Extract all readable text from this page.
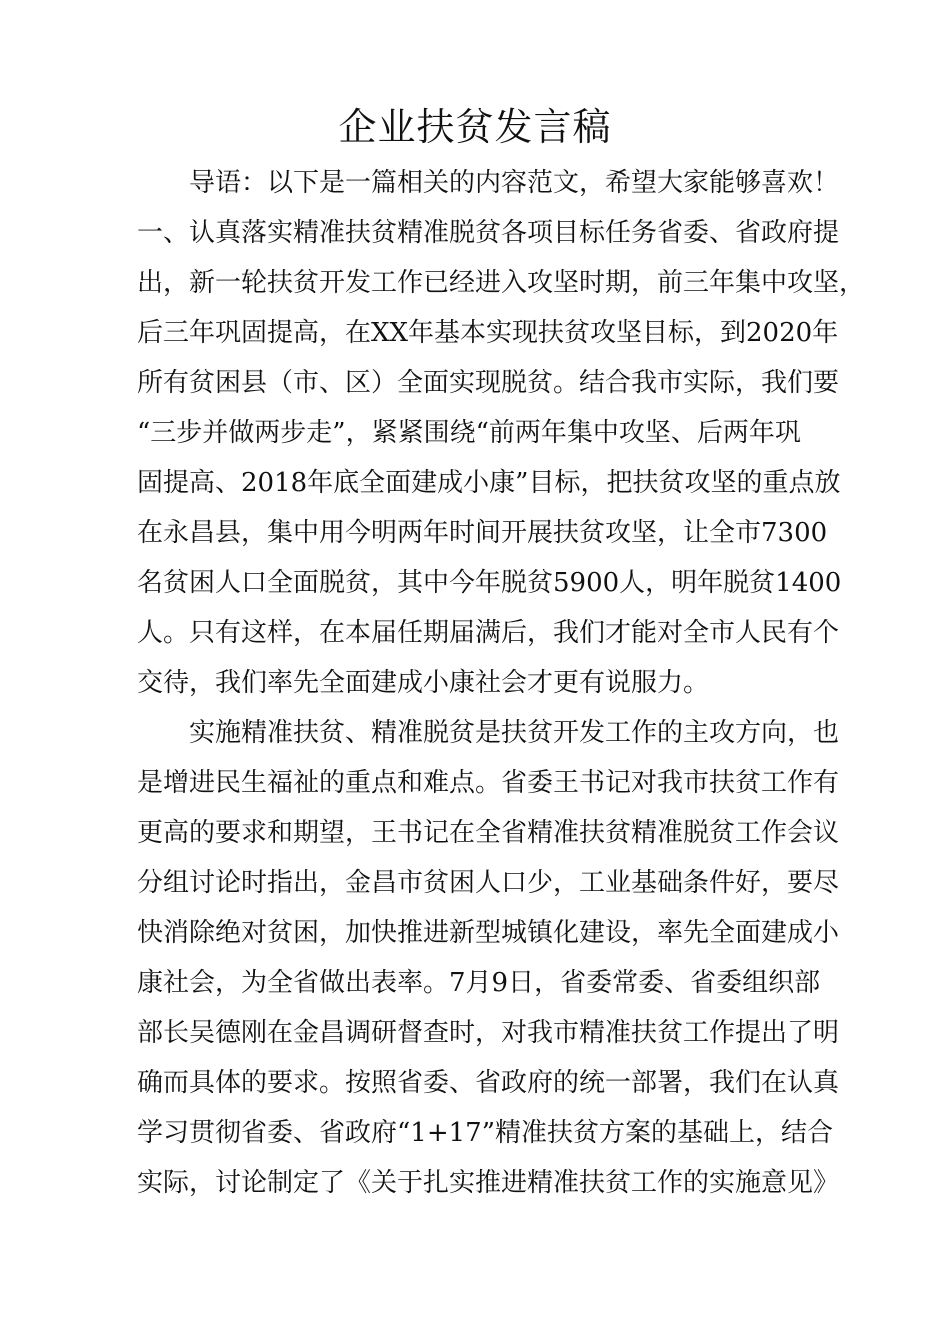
企业扶贫发言稿
导语：以下是一篇相关的内容范文，希望大家能够喜欢！
一、认真落实精准扶贫精准脱贫各项目标任务省委、省政府提
出，新一轮扶贫开发工作已经进入攻坚时期，前三年集中攻坚，
后三年巩固提高，在XX年基本实现扶贫攻坚目标，到2020年
所有贫困县（市、区）全面实现脱贫。结合我市实际，我们要
“三步并做两步走”，紧紧围绕“前两年集中攻坚、后两年巩
固提高、2018年底全面建成小康”目标，把扶贫攻坚的重点放
在永昌县，集中用今明两年时间开展扶贫攻坚，让全市7300
名贫困人口全面脱贫，其中今年脱贫5900人，明年脱贫1400
人。只有这样，在本届任期届满后，我们才能对全市人民有个
交待，我们率先全面建成小康社会才更有说服力。
实施精准扶贫、精准脱贫是扶贫开发工作的主攻方向，也
是增进民生福祉的重点和难点。省委王书记对我市扶贫工作有
更高的要求和期望，王书记在全省精准扶贫精准脱贫工作会议
分组讨论时指出，金昌市贫困人口少，工业基础条件好，要尽
快消除绝对贫困，加快推进新型城镇化建设，率先全面建成小
康社会，为全省做出表率。7月9日，省委常委、省委组织部
部长吴德刚在金昌调研督查时，对我市精准扶贫工作提出了明
确而具体的要求。按照省委、省政府的统一部署，我们在认真
学习贯彻省委、省政府“1+17”精准扶贫方案的基础上，结合
实际，讨论制定了《关于扎实推进精准扶贫工作的实施意见》
